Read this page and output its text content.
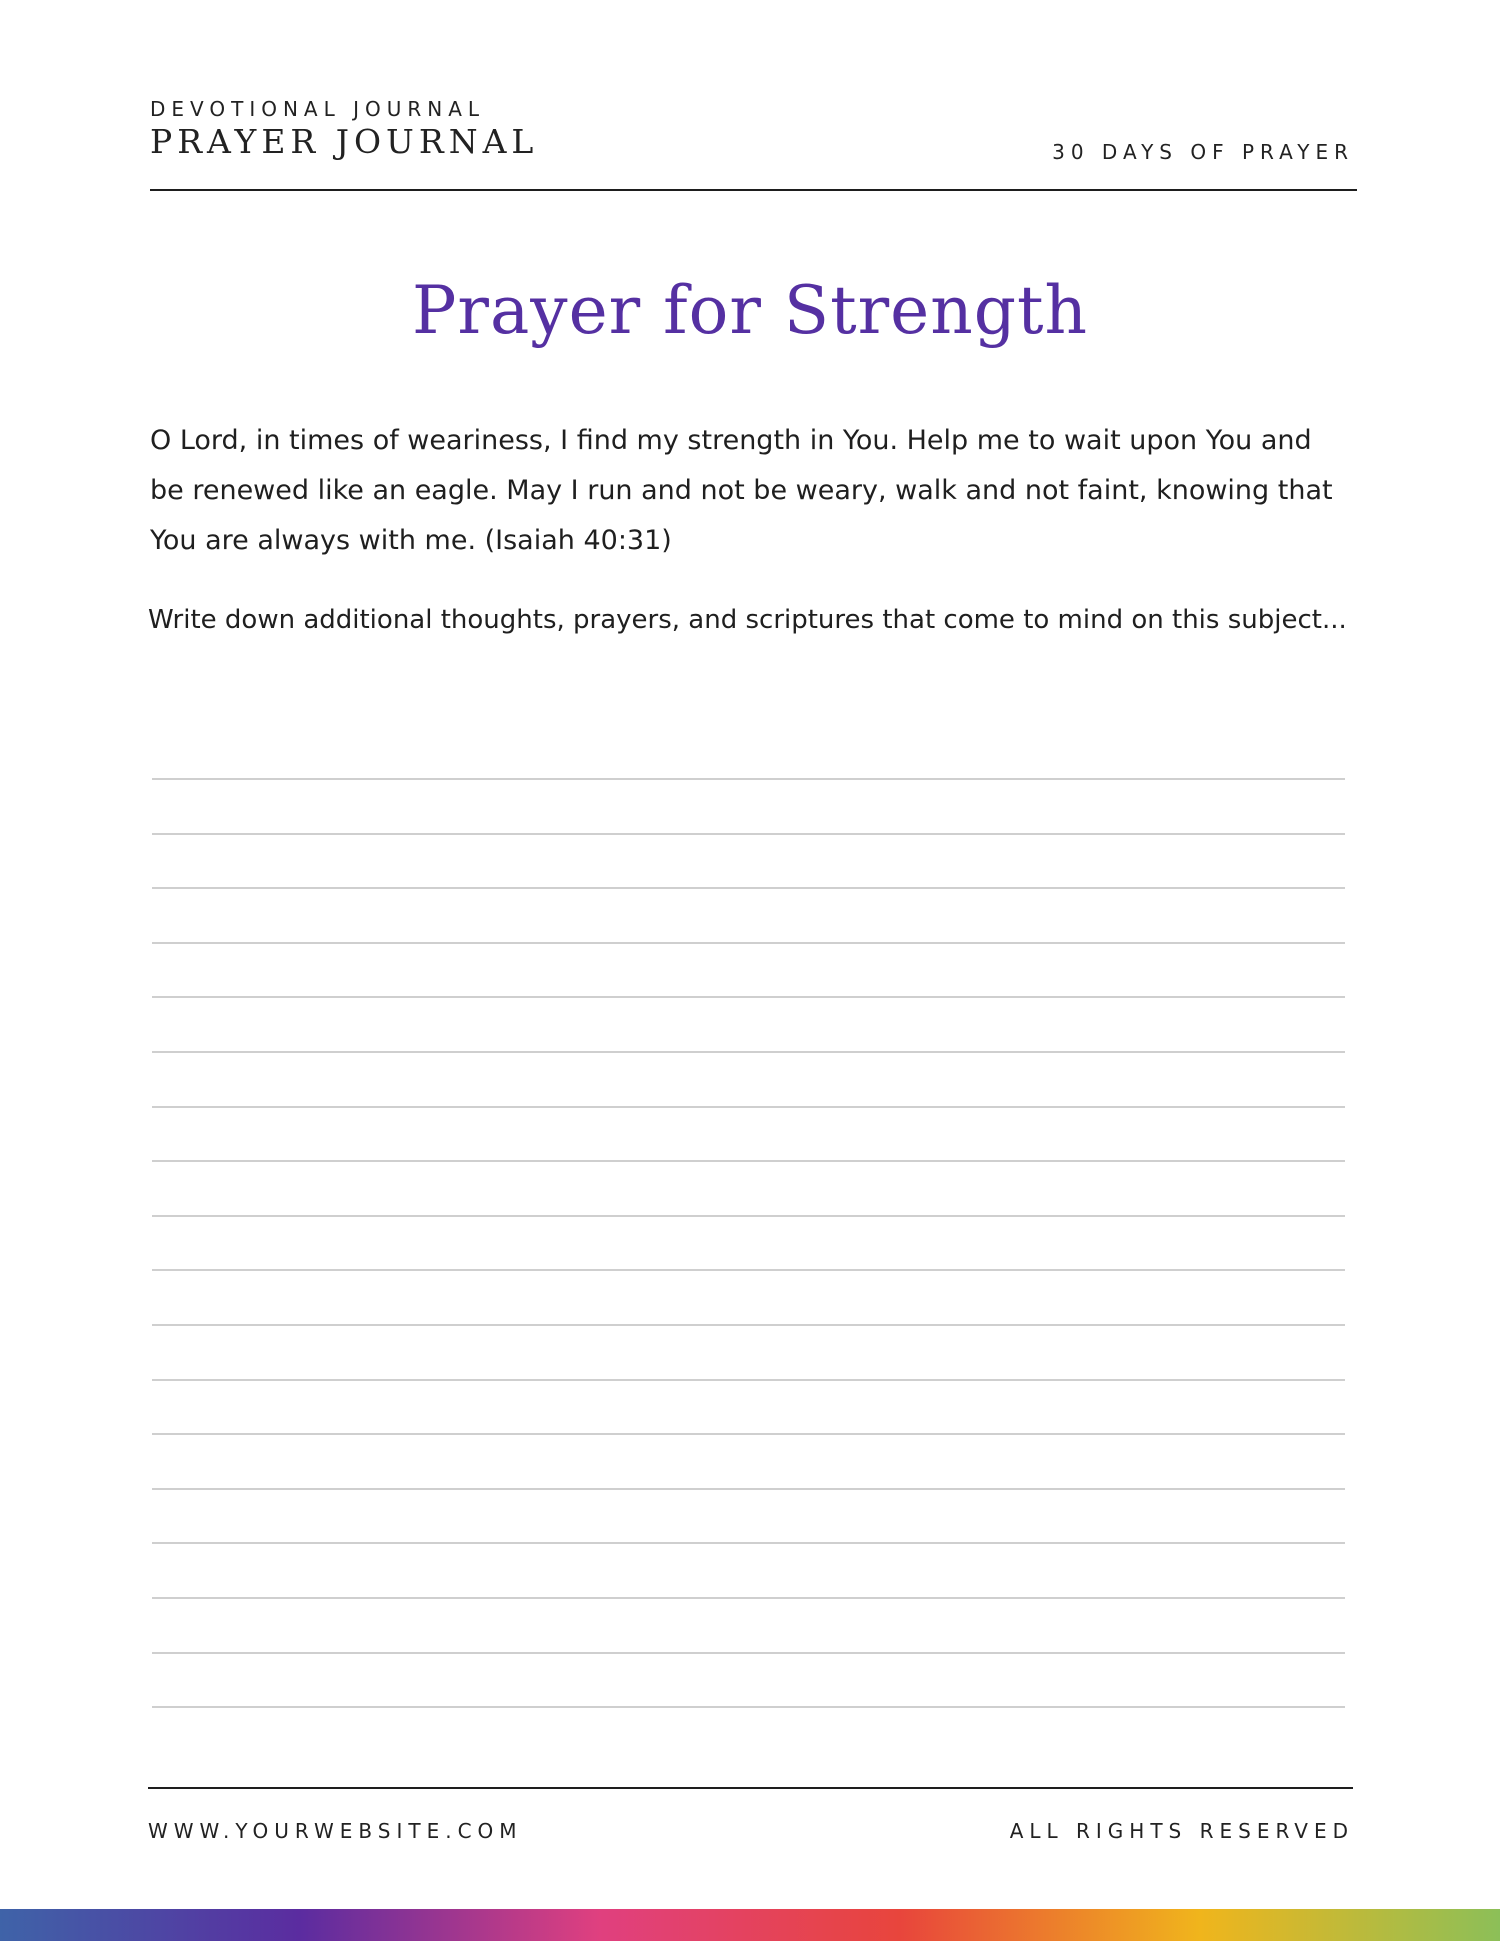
DEVOTIONAL JOURNAL
PRAYER JOURNAL	30 DAYS OF PRAYER
Prayer for Strength
O Lord, in times of weariness, I find my strength in You. Help me to wait upon You and be renewed like an eagle. May I run and not be weary, walk and not faint, knowing that You are always with me. (Isaiah 40:31)
Write down additional thoughts, prayers, and scriptures that come to mind on this subject...
WWW.YOURWEBSITE.COM	ALL RIGHTS RESERVED
